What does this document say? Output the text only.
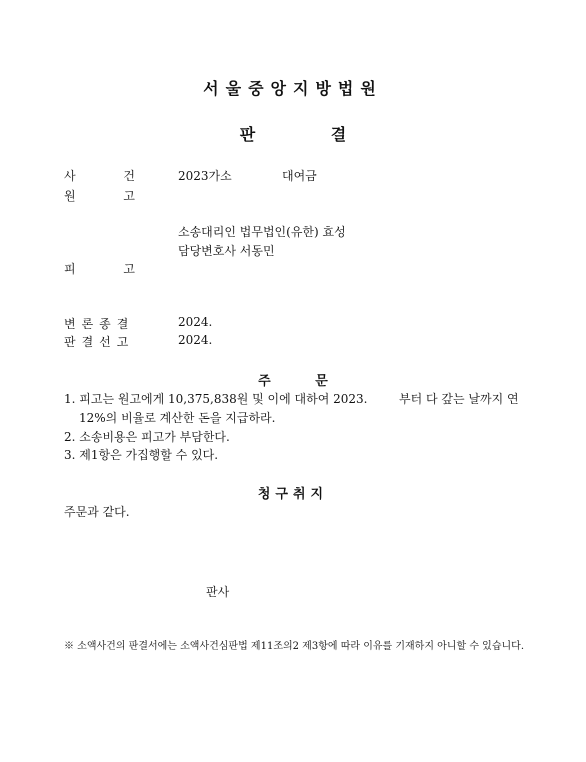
서울중앙지방법원
판 결
사 건	2023가소	대여금
원 고
소송대리인 법무법인(유한) 효성
담당변호사 서동민
피 고
변론종결	2024.
판결선고	2024.
주 문
1. 피고는 원고에게 10,375,838원 및 이에 대하여 2023.	부터 다 갚는 날까지 연
12%의 비율로 계산한 돈을 지급하라.
2. 소송비용은 피고가 부담한다.
3. 제1항은 가집행할 수 있다.
청구취지
주문과 같다.
판사
※ 소액사건의 판결서에는 소액사건심판법 제11조의2 제3항에 따라 이유를 기재하지 아니할 수 있습니다.
